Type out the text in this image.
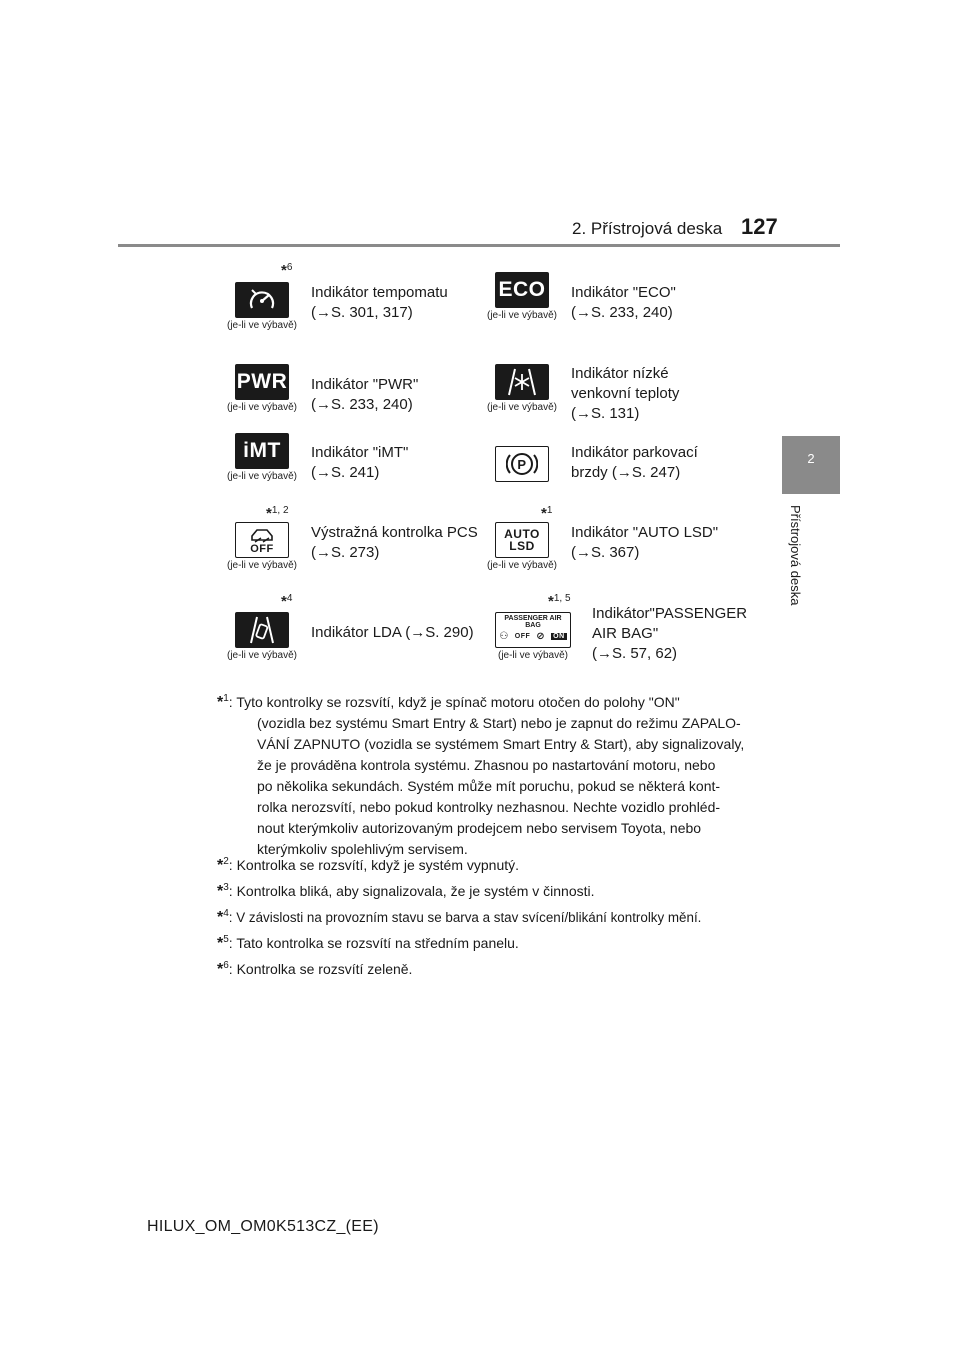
2. Přístrojová deska 127
2
Přístrojová deska
*$^6$
(je-li ve výbavě)
Indikátor tempomatu
(→S. 301, 317)
ECO
(je-li ve výbavě)
Indikátor "ECO"
(→S. 233, 240)
PWR
(je-li ve výbavě)
Indikátor "PWR"
(→S. 233, 240)	(je-li ve výbavě)
Indikátor nízké
venkovní teploty
(→S. 131)
iMT
(je-li ve výbavě)
Indikátor "iMT"
(→S. 241)	P
Indikátor parkovací
brzdy (→S. 247)
*$^{1, 2}$
OFF
(je-li ve výbavě)
Výstražná kontrolka PCS
(→S. 273)
*$^1$
AUTO LSD
(je-li ve výbavě)
Indikátor "AUTO LSD"
(→S. 367)
*$^4$
(je-li ve výbavě)
Indikátor LDA (→S. 290)
*$^{1, 5}$
PASSENGER AIR BAG
⚇ OFF ⊘ ON
(je-li ve výbavě)
Indikátor"PASSENGER
AIR BAG"
(→S. 57, 62)
*$^1$: Tyto kontrolky se rozsvítí, když je spínač motoru otočen do polohy "ON"
(vozidla bez systému Smart Entry & Start) nebo je zapnut do režimu ZAPALO-
VÁNÍ ZAPNUTO (vozidla se systémem Smart Entry & Start), aby signalizovaly,
že je prováděna kontrola systému. Zhasnou po nastartování motoru, nebo
po několika sekundách. Systém může mít poruchu, pokud se některá kont-
rolka nerozsvítí, nebo pokud kontrolky nezhasnou. Nechte vozidlo prohléd-
nout kterýmkoliv autorizovaným prodejcem nebo servisem Toyota, nebo
kterýmkoliv spolehlivým servisem.
*$^2$: Kontrolka se rozsvítí, když je systém vypnutý.
*$^3$: Kontrolka bliká, aby signalizovala, že je systém v činnosti.
*$^4$: V závislosti na provozním stavu se barva a stav svícení/blikání kontrolky mění.
*$^5$: Tato kontrolka se rozsvítí na středním panelu.
*$^6$: Kontrolka se rozsvítí zeleně.
HILUX_OM_OM0K513CZ_(EE)
